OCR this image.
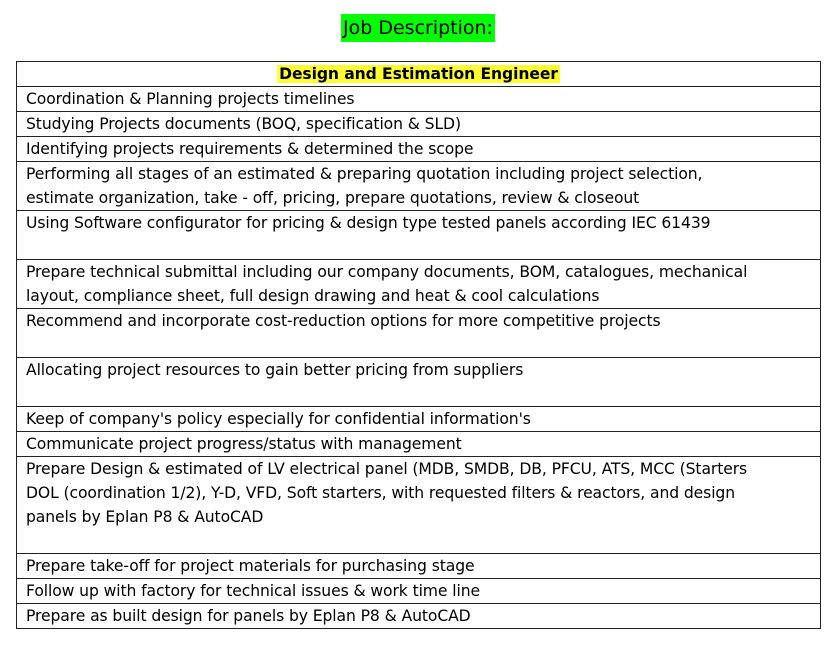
Job Description:
Design and Estimation Engineer

Coordination & Planning projects timelines

Studying Projects documents (BOQ, specification & SLD)

Identifying projects requirements & determined the scope

Performing all stages of an estimated & preparing quotation including project selection,
estimate organization, take - off, pricing, prepare quotations, review & closeout

Using Software configurator for pricing & design type tested panels according IEC 61439

Prepare technical submittal including our company documents, BOM, catalogues, mechanical
layout, compliance sheet, full design drawing and heat & cool calculations

Recommend and incorporate cost-reduction options for more competitive projects

Allocating project resources to gain better pricing from suppliers

Keep of company's policy especially for confidential information's

Communicate project progress/status with management

Prepare Design & estimated of LV electrical panel (MDB, SMDB, DB, PFCU, ATS, MCC (Starters
DOL (coordination 1/2), Y-D, VFD, Soft starters, with requested filters & reactors, and design
panels by Eplan P8 & AutoCAD

Prepare take-off for project materials for purchasing stage

Follow up with factory for technical issues & work time line

Prepare as built design for panels by Eplan P8 & AutoCAD
